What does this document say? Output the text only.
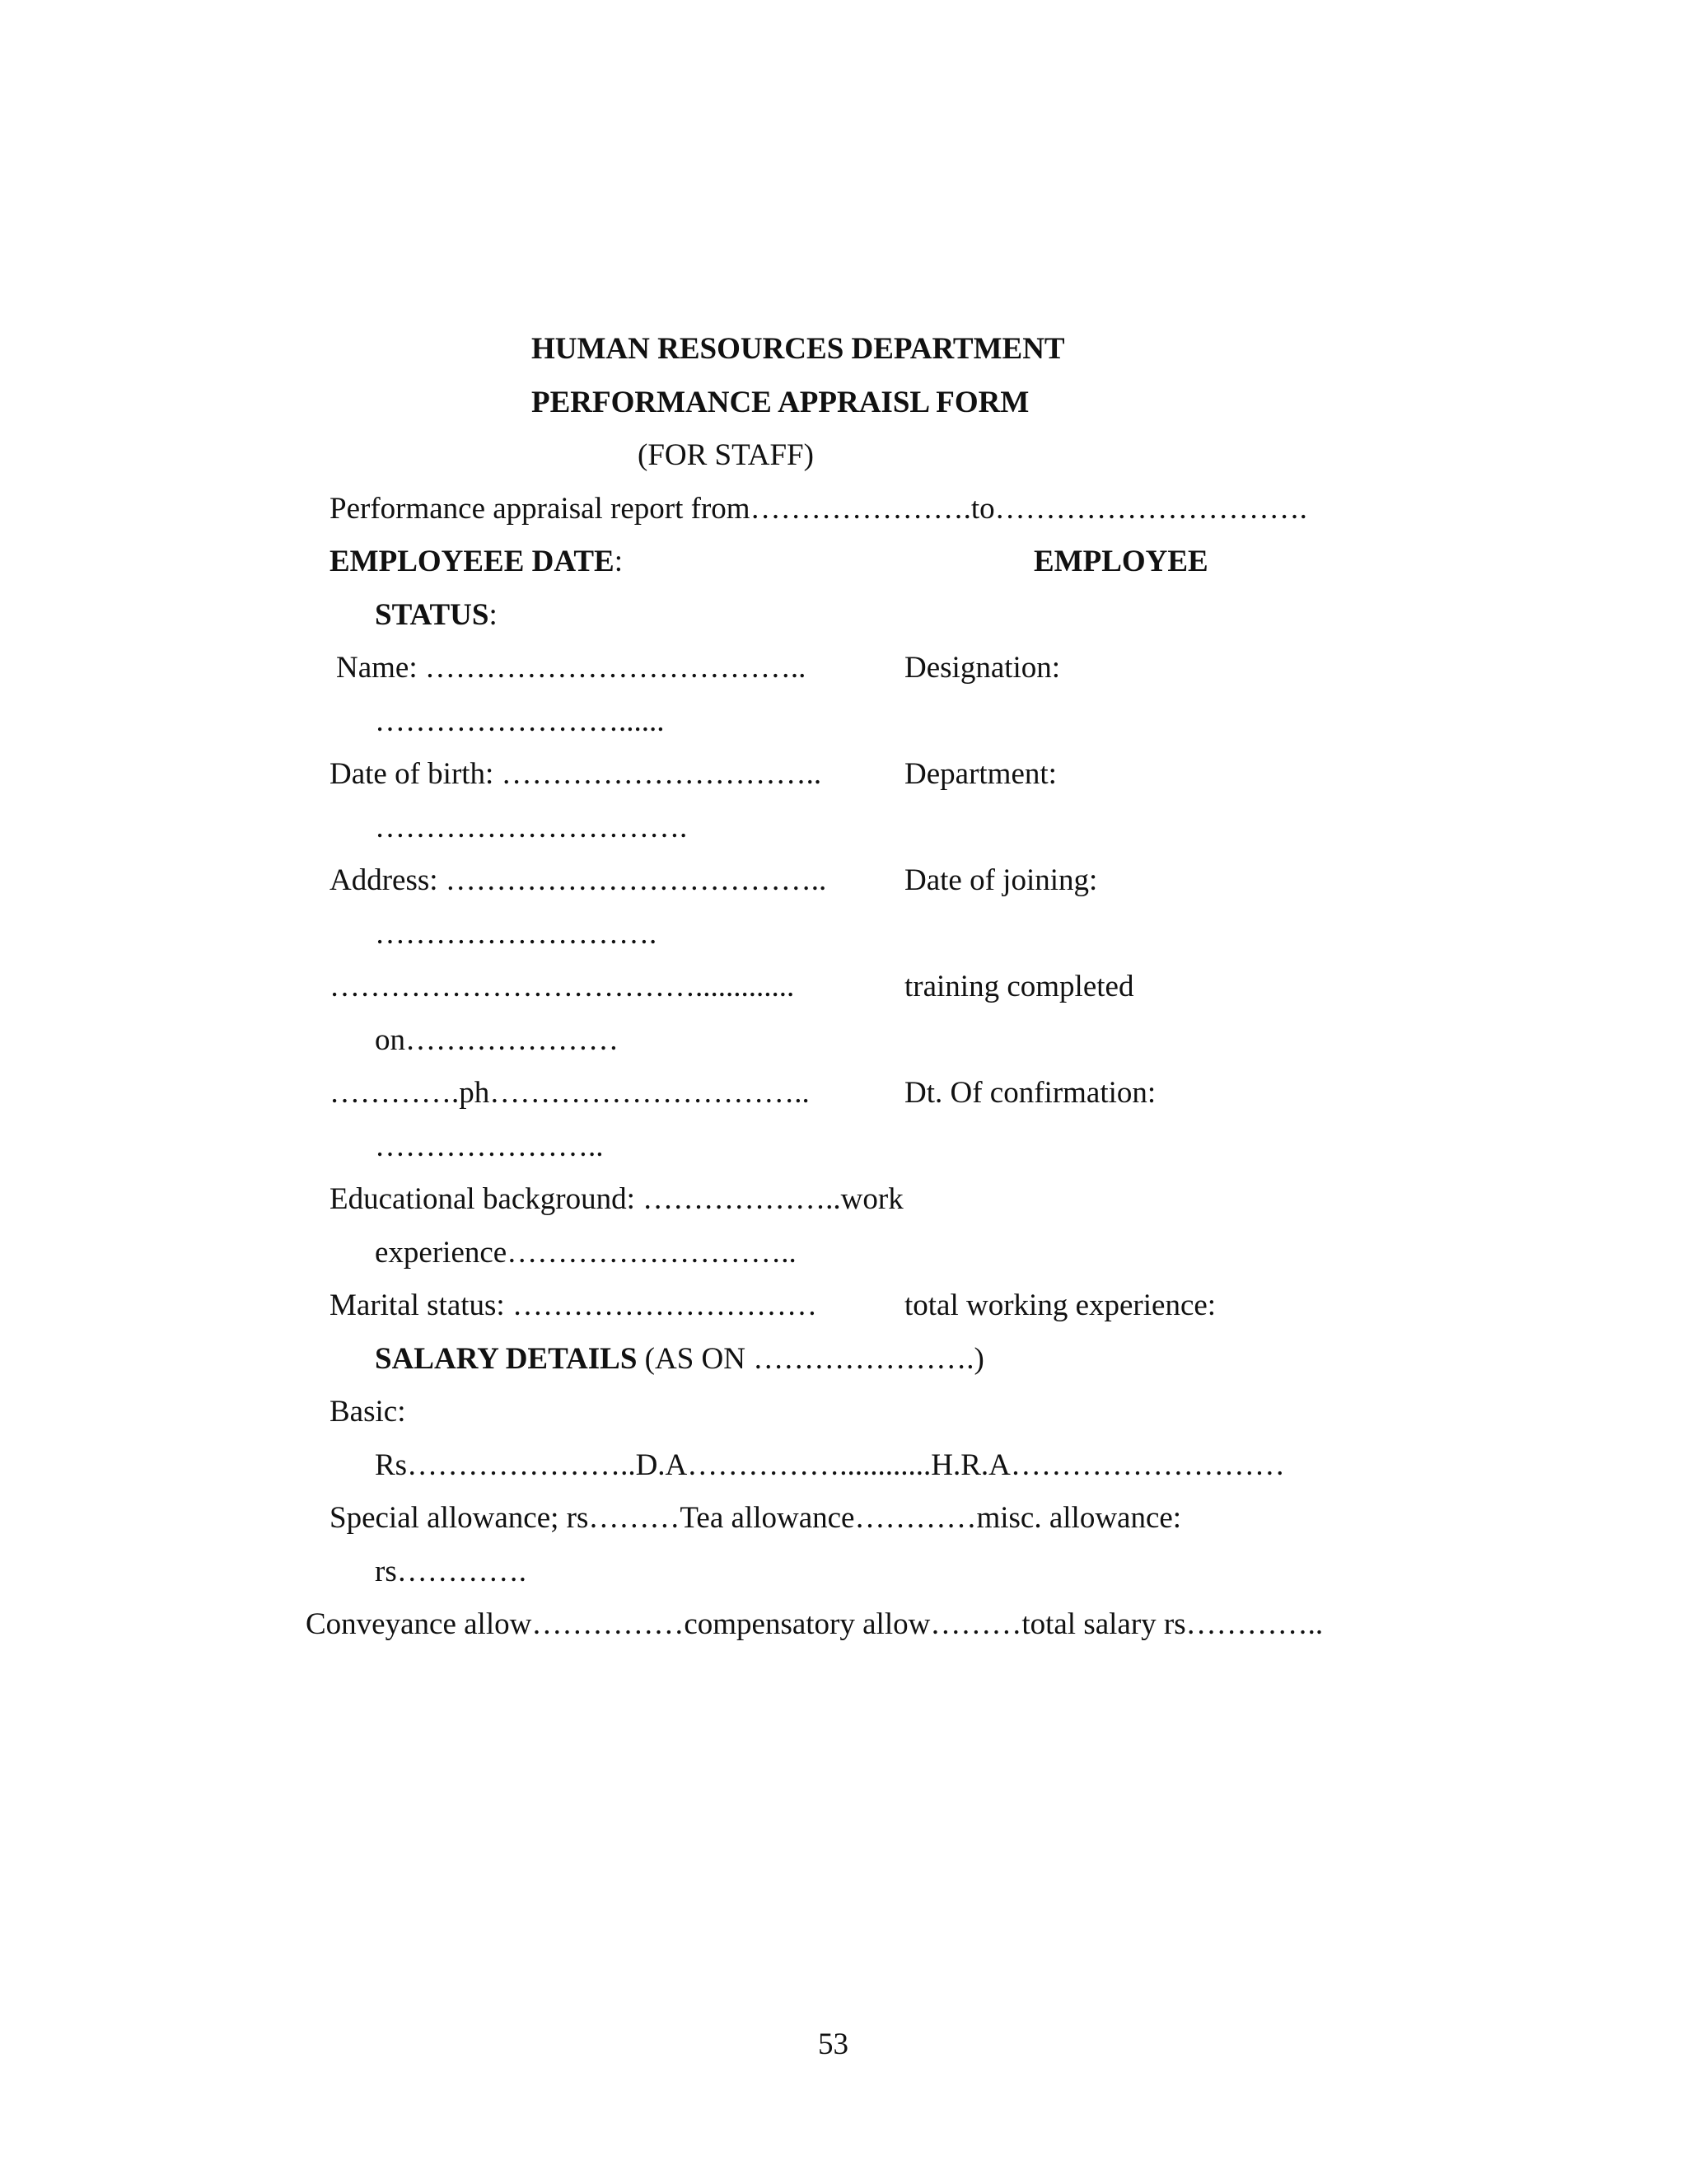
HUMAN RESOURCES DEPARTMENT
PERFORMANCE APPRAISL FORM
(FOR STAFF)
Performance appraisal report from………………….to………………………….
EMPLOYEEE DATE:	EMPLOYEE
STATUS:
Name: ………………………………..	Designation:
……………………......
Date of birth: …………………………..	Department:
………………………….
Address: ………………………………..	Date of joining:
……………………….
……………………………….............	training completed
on…………………
………….ph…………………………..	Dt. Of confirmation:
…………………..
Educational background: ………………..work
experience………………………..
Marital status: …………………………	total working experience:
SALARY DETAILS (AS ON ………………….)
Basic:
Rs…………………..D.A……………............H.R.A………………………
Special allowance; rs………Tea allowance…………misc. allowance:
rs………….
Conveyance allow……………compensatory allow………total salary rs…………..
53
